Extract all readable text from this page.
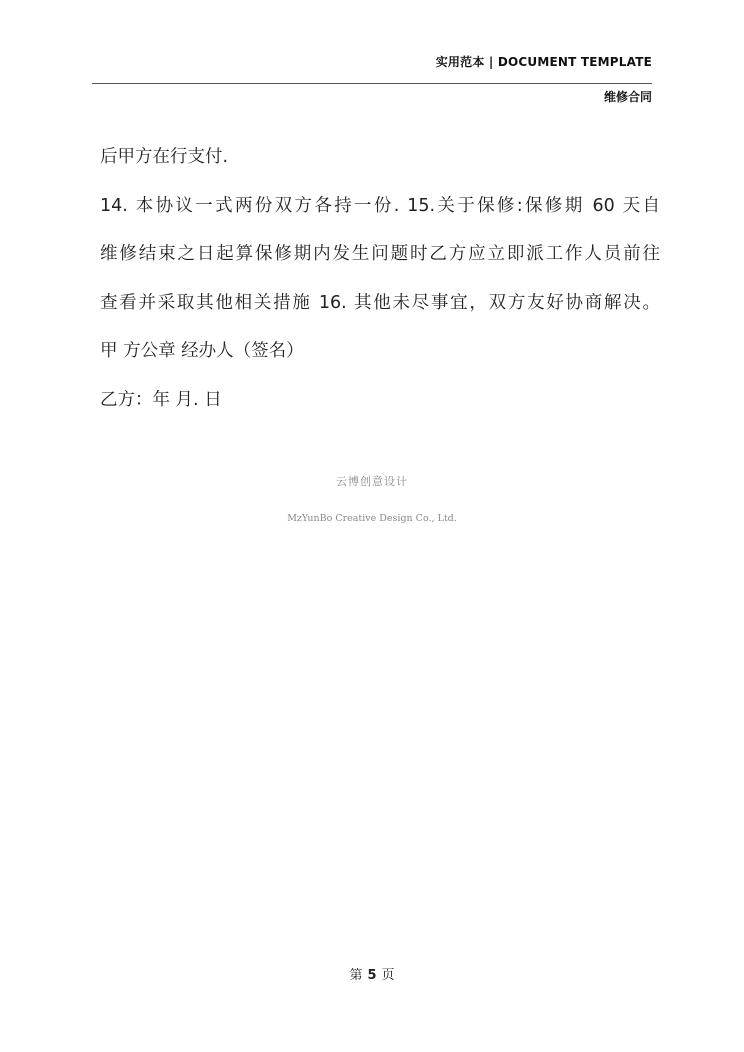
实用范本 | DOCUMENT TEMPLATE
维修合同
后甲方在行支付.
14. 本协议一式两份双方各持一份. 15.关于保修:保修期 60 天自
维修结束之日起算保修期内发生问题时乙方应立即派工作人员前往
查看并采取其他相关措施 16. 其他未尽事宜，双方友好协商解决。
甲 方公章 经办人（签名）
乙方：年 月. 日
云博创意设计
MzYunBo Creative Design Co., Ltd.
第 5 页
